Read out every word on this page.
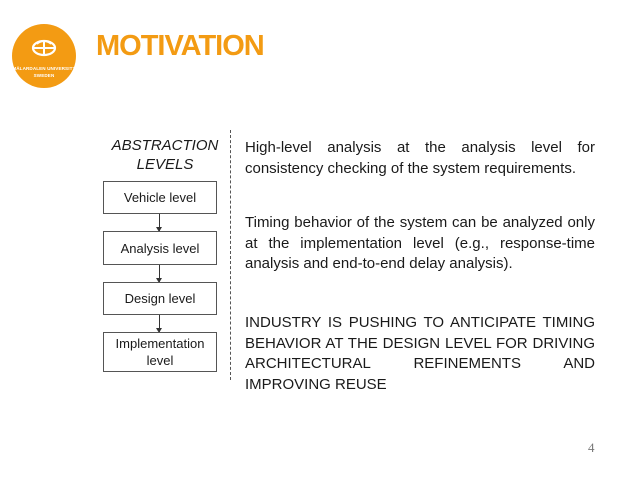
MÄLARDALEN UNIVERSITY
SWEDEN
MOTIVATION
ABSTRACTION
LEVELS
Vehicle level
Analysis level
Design level
Implementation
level

High-level analysis at the analysis level for consistency checking of the system requirements.

Timing behavior of the system can be analyzed only at the implementation level (e.g., response-time analysis and end-to-end delay analysis).

INDUSTRY IS PUSHING TO ANTICIPATE TIMING BEHAVIOR AT THE DESIGN LEVEL FOR DRIVING ARCHITECTURAL REFINEMENTS AND IMPROVING REUSE

4
